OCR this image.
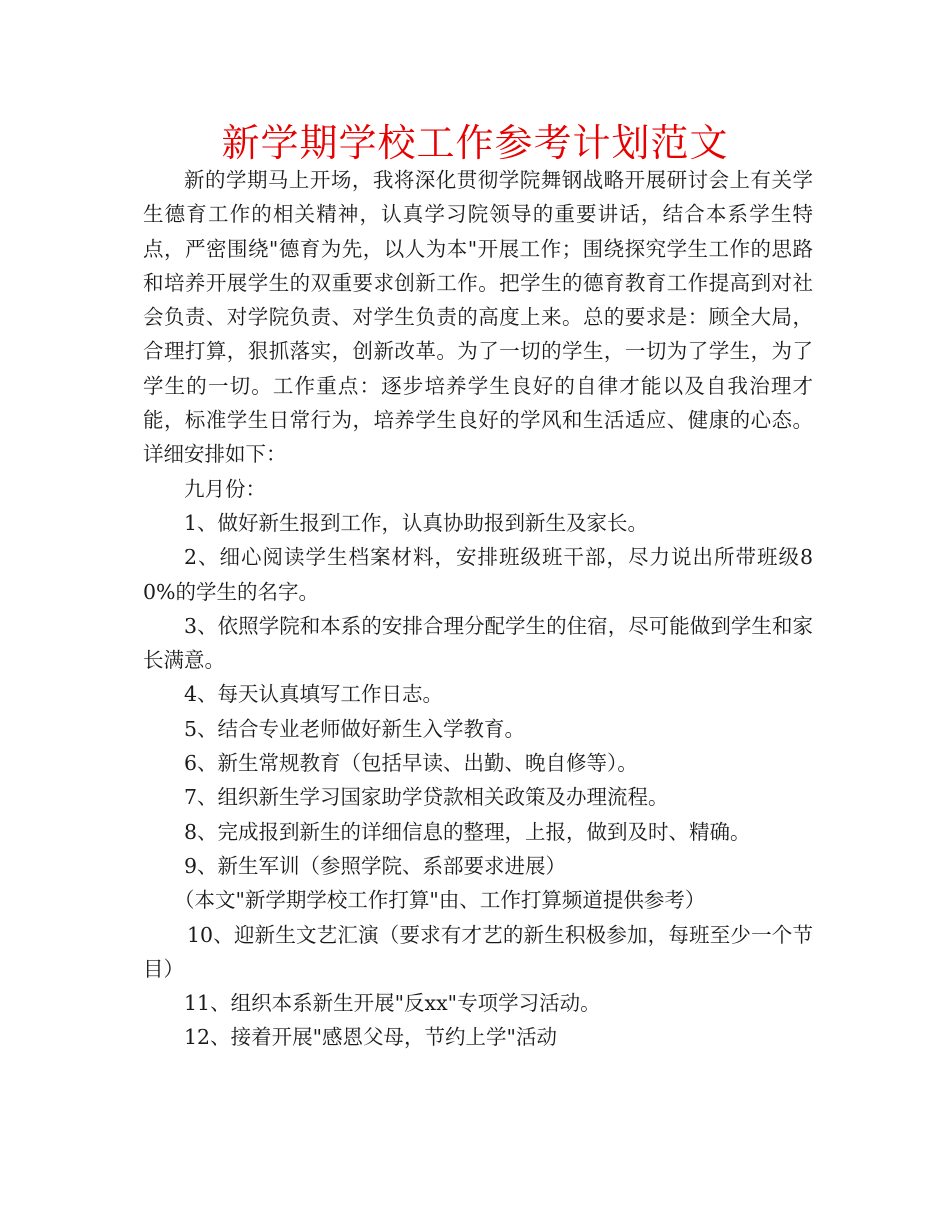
新学期学校工作参考计划范文

新的学期马上开场，我将深化贯彻学院舞钢战略开展研讨会上有关学生德育工作的相关精神，认真学习院领导的重要讲话，结合本系学生特点，严密围绕"德育为先，以人为本"开展工作；围绕探究学生工作的思路和培养开展学生的双重要求创新工作。把学生的德育教育工作提高到对社会负责、对学院负责、对学生负责的高度上来。总的要求是：顾全大局，合理打算，狠抓落实，创新改革。为了一切的学生，一切为了学生，为了学生的一切。工作重点：逐步培养学生良好的自律才能以及自我治理才能，标准学生日常行为，培养学生良好的学风和生活适应、健康的心态。详细安排如下：

九月份：

1、做好新生报到工作，认真协助报到新生及家长。

2、细心阅读学生档案材料，安排班级班干部，尽力说出所带班级80%的学生的名字。

3、依照学院和本系的安排合理分配学生的住宿，尽可能做到学生和家长满意。

4、每天认真填写工作日志。

5、结合专业老师做好新生入学教育。

6、新生常规教育（包括早读、出勤、晚自修等）。

7、组织新生学习国家助学贷款相关政策及办理流程。

8、完成报到新生的详细信息的整理，上报，做到及时、精确。

9、新生军训（参照学院、系部要求进展）

（本文"新学期学校工作打算"由、工作打算频道提供参考）

10、迎新生文艺汇演（要求有才艺的新生积极参加，每班至少一个节目）

11、组织本系新生开展"反xx"专项学习活动。

12、接着开展"感恩父母，节约上学"活动
